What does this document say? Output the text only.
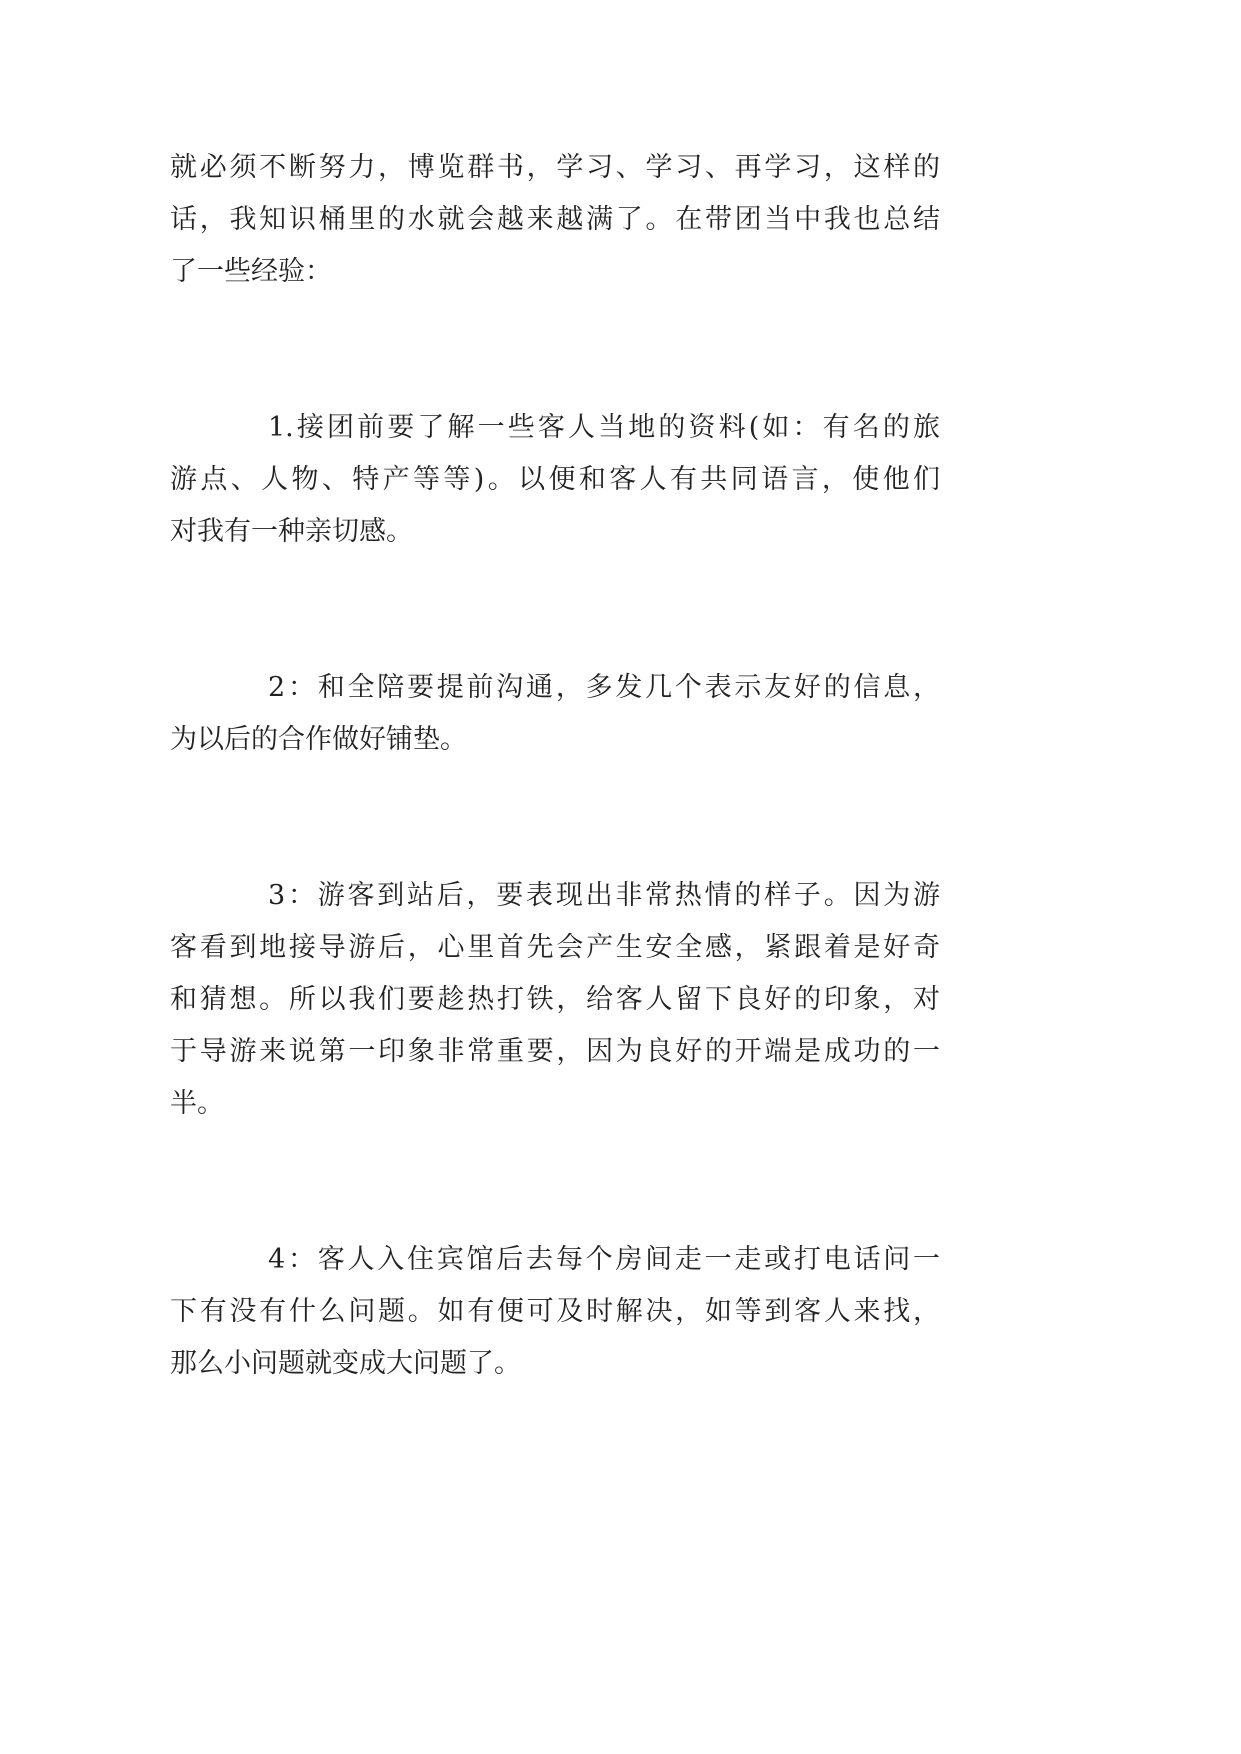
就必须不断努力，博览群书，学习、学习、再学习，这样的
话，我知识桶里的水就会越来越满了。在带团当中我也总结
了一些经验：
1.接团前要了解一些客人当地的资料(如：有名的旅
游点、人物、特产等等)。以便和客人有共同语言，使他们
对我有一种亲切感。
2：和全陪要提前沟通，多发几个表示友好的信息，
为以后的合作做好铺垫。
3：游客到站后，要表现出非常热情的样子。因为游
客看到地接导游后，心里首先会产生安全感，紧跟着是好奇
和猜想。所以我们要趁热打铁，给客人留下良好的印象，对
于导游来说第一印象非常重要，因为良好的开端是成功的一
半。
4：客人入住宾馆后去每个房间走一走或打电话问一
下有没有什么问题。如有便可及时解决，如等到客人来找，
那么小问题就变成大问题了。
